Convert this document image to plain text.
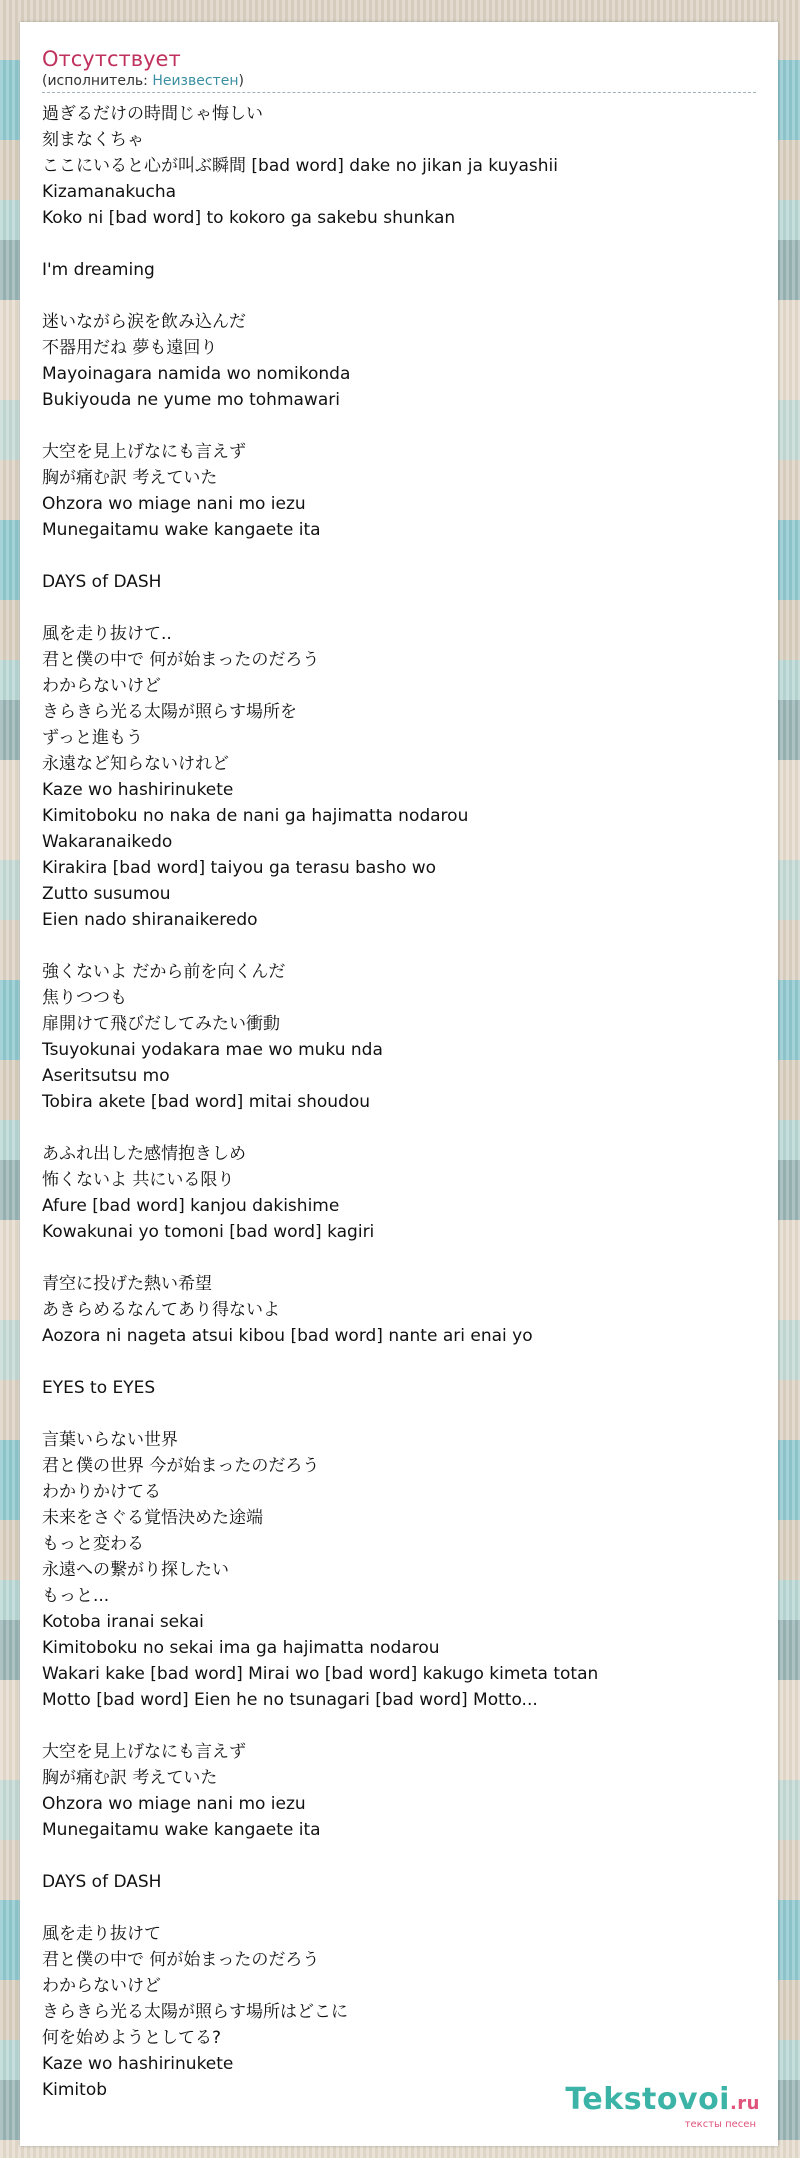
Отсутствует
(исполнитель: Неизвестен)
過ぎるだけの時間じゃ悔しい
刻まなくちゃ
ここにいると心が叫ぶ瞬間 [bad word] dake no jikan ja kuyashii
Kizamanakucha
Koko ni [bad word] to kokoro ga sakebu shunkan
I'm dreaming
迷いながら涙を飲み込んだ
不器用だね 夢も遠回り
Mayoinagara namida wo nomikonda
Bukiyouda ne yume mo tohmawari
大空を見上げなにも言えず
胸が痛む訳 考えていた
Ohzora wo miage nani mo iezu
Munegaitamu wake kangaete ita
DAYS of DASH
風を走り抜けて..
君と僕の中で 何が始まったのだろう
わからないけど
きらきら光る太陽が照らす場所を
ずっと進もう
永遠など知らないけれど
Kaze wo hashirinukete
Kimitoboku no naka de nani ga hajimatta nodarou
Wakaranaikedo
Kirakira [bad word] taiyou ga terasu basho wo
Zutto susumou
Eien nado shiranaikeredo
強くないよ だから前を向くんだ
焦りつつも
扉開けて飛びだしてみたい衝動
Tsuyokunai yodakara mae wo muku nda
Aseritsutsu mo
Tobira akete [bad word] mitai shoudou
あふれ出した感情抱きしめ
怖くないよ 共にいる限り
Afure [bad word] kanjou dakishime
Kowakunai yo tomoni [bad word] kagiri
青空に投げた熱い希望
あきらめるなんてあり得ないよ
Aozora ni nageta atsui kibou [bad word] nante ari enai yo
EYES to EYES
言葉いらない世界
君と僕の世界 今が始まったのだろう
わかりかけてる
未来をさぐる覚悟決めた途端
もっと変わる
永遠への繋がり探したい
もっと...
Kotoba iranai sekai
Kimitoboku no sekai ima ga hajimatta nodarou
Wakari kake [bad word] Mirai wo [bad word] kakugo kimeta totan
Motto [bad word] Eien he no tsunagari [bad word] Motto...
大空を見上げなにも言えず
胸が痛む訳 考えていた
Ohzora wo miage nani mo iezu
Munegaitamu wake kangaete ita
DAYS of DASH
風を走り抜けて
君と僕の中で 何が始まったのだろう
わからないけど
きらきら光る太陽が照らす場所はどこに
何を始めようとしてる?
Kaze wo hashirinukete
Kimitob	Tekstovoi.ru
тексты песен
